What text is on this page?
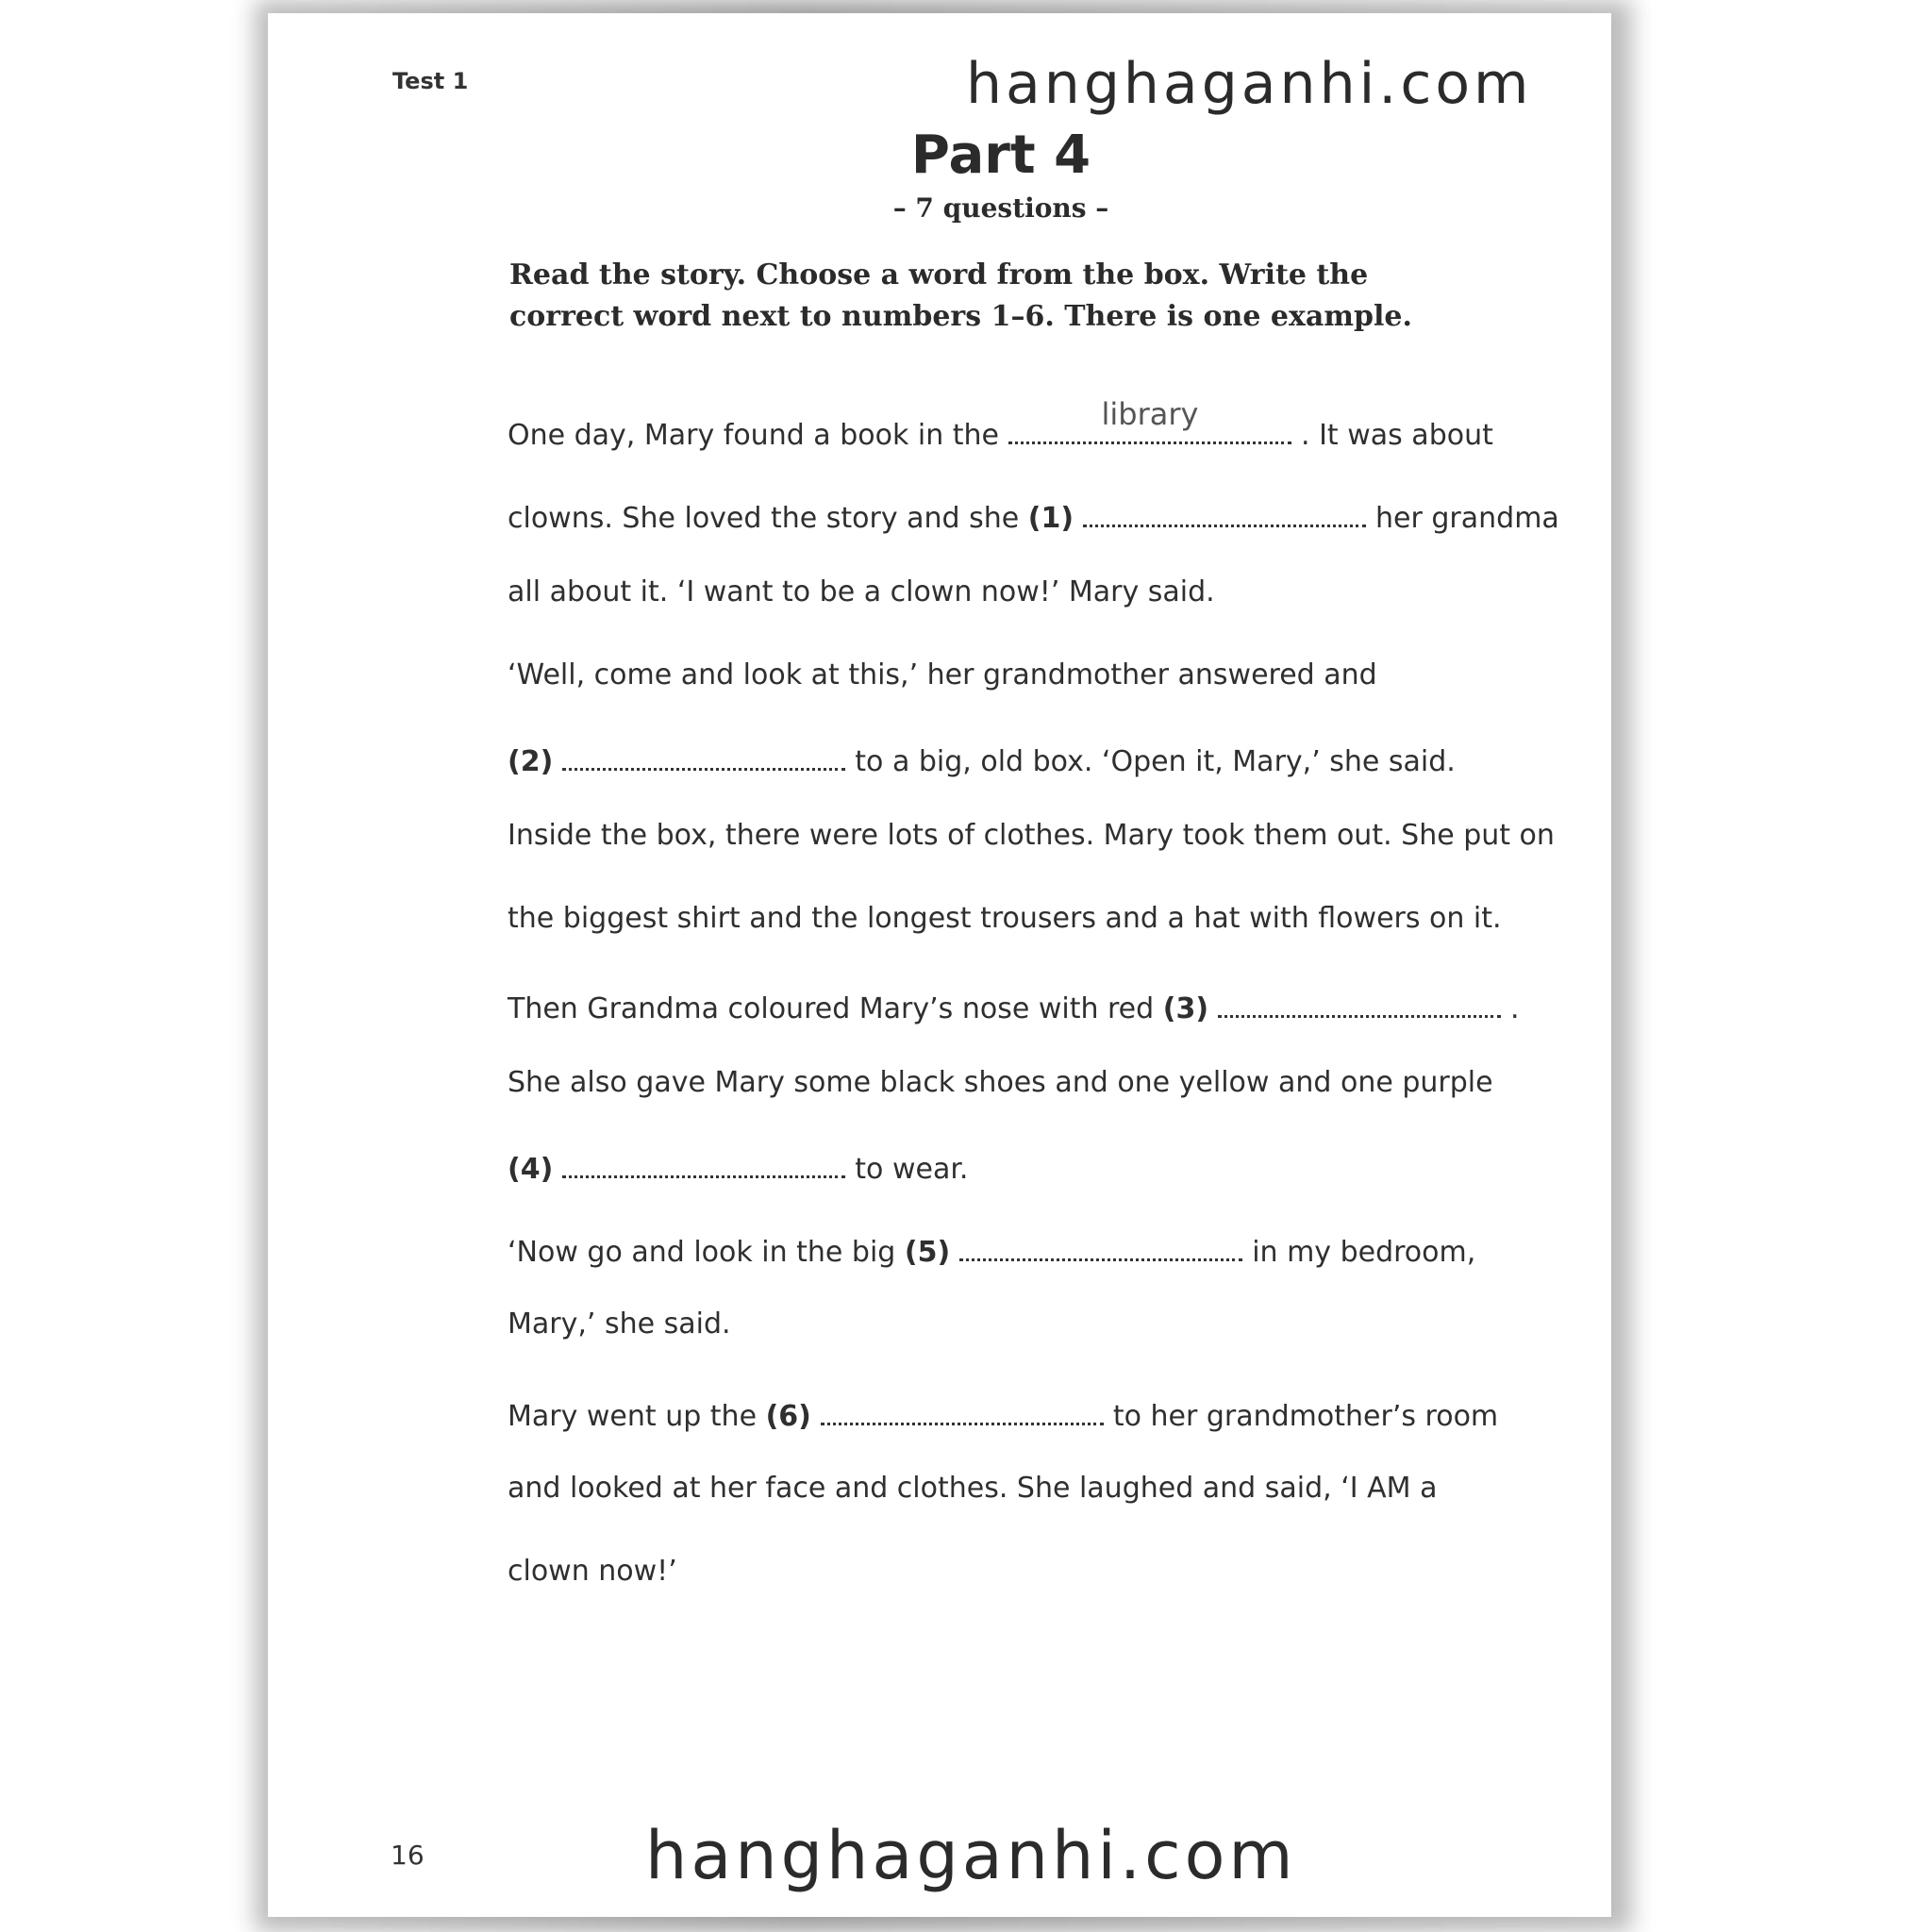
Test 1	hanghaganhi.com
Part 4
– 7 questions –
Read the story. Choose a word from the box. Write the correct word next to numbers 1–6. There is one example.
One day, Mary found a book in the
library
. It was about
clowns. She loved the story and she (1)	her grandma
all about it. ‘I want to be a clown now!’ Mary said.
‘Well, come and look at this,’ her grandmother answered and
(2)	to a big, old box. ‘Open it, Mary,’ she said.
Inside the box, there were lots of clothes. Mary took them out. She put on
the biggest shirt and the longest trousers and a hat with flowers on it.
Then Grandma coloured Mary’s nose with red (3)	.
She also gave Mary some black shoes and one yellow and one purple
(4)	to wear.
‘Now go and look in the big (5)	in my bedroom,
Mary,’ she said.
Mary went up the (6)	to her grandmother’s room
and looked at her face and clothes. She laughed and said, ‘I AM a
clown now!’
16	hanghaganhi.com
